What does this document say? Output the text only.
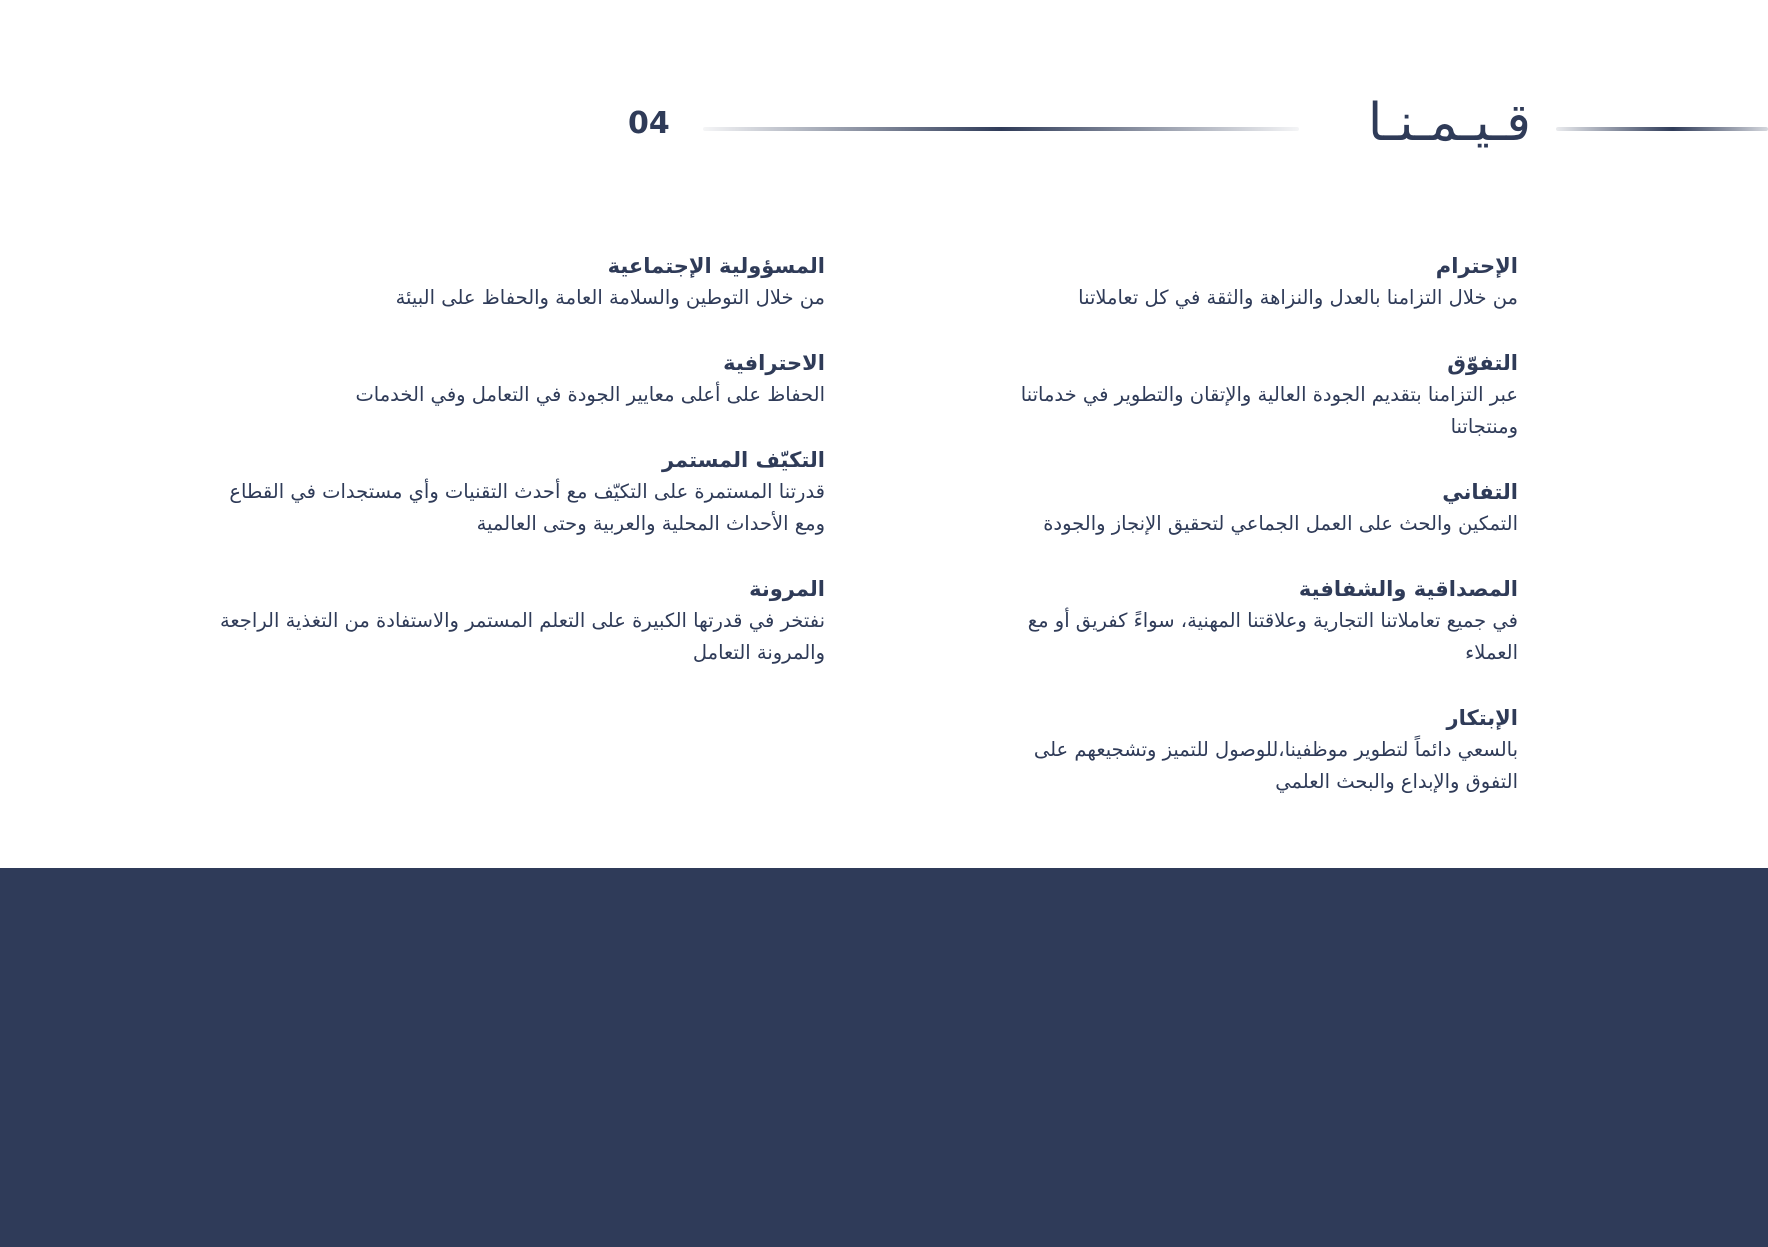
قـيـمـنـا
04
الإحترام
من خلال التزامنا بالعدل والنزاهة والثقة في كل تعاملاتنا
التفوّق
عبر التزامنا بتقديم الجودة العالية والإتقان والتطوير في خدماتنا ومنتجاتنا
التفاني
التمكين والحث على العمل الجماعي لتحقيق الإنجاز والجودة
المصداقية والشفافية
في جميع تعاملاتنا التجارية وعلاقتنا المهنية، سواءً كفريق أو مع العملاء
الإبتكار
بالسعي دائماً لتطوير موظفينا،للوصول للتميز وتشجيعهم على التفوق والإبداع والبحث العلمي
المسؤولية الإجتماعية
من خلال التوطين والسلامة العامة والحفاظ على البيئة
الاحترافية
الحفاظ على أعلى معايير الجودة في التعامل وفي الخدمات
التكيّف المستمر
قدرتنا المستمرة على التكيّف مع أحدث التقنيات وأي مستجدات في القطاع ومع الأحداث المحلية والعربية وحتى العالمية
المرونة
نفتخر في قدرتها الكبيرة على التعلم المستمر والاستفادة من التغذية الراجعة والمرونة التعامل
